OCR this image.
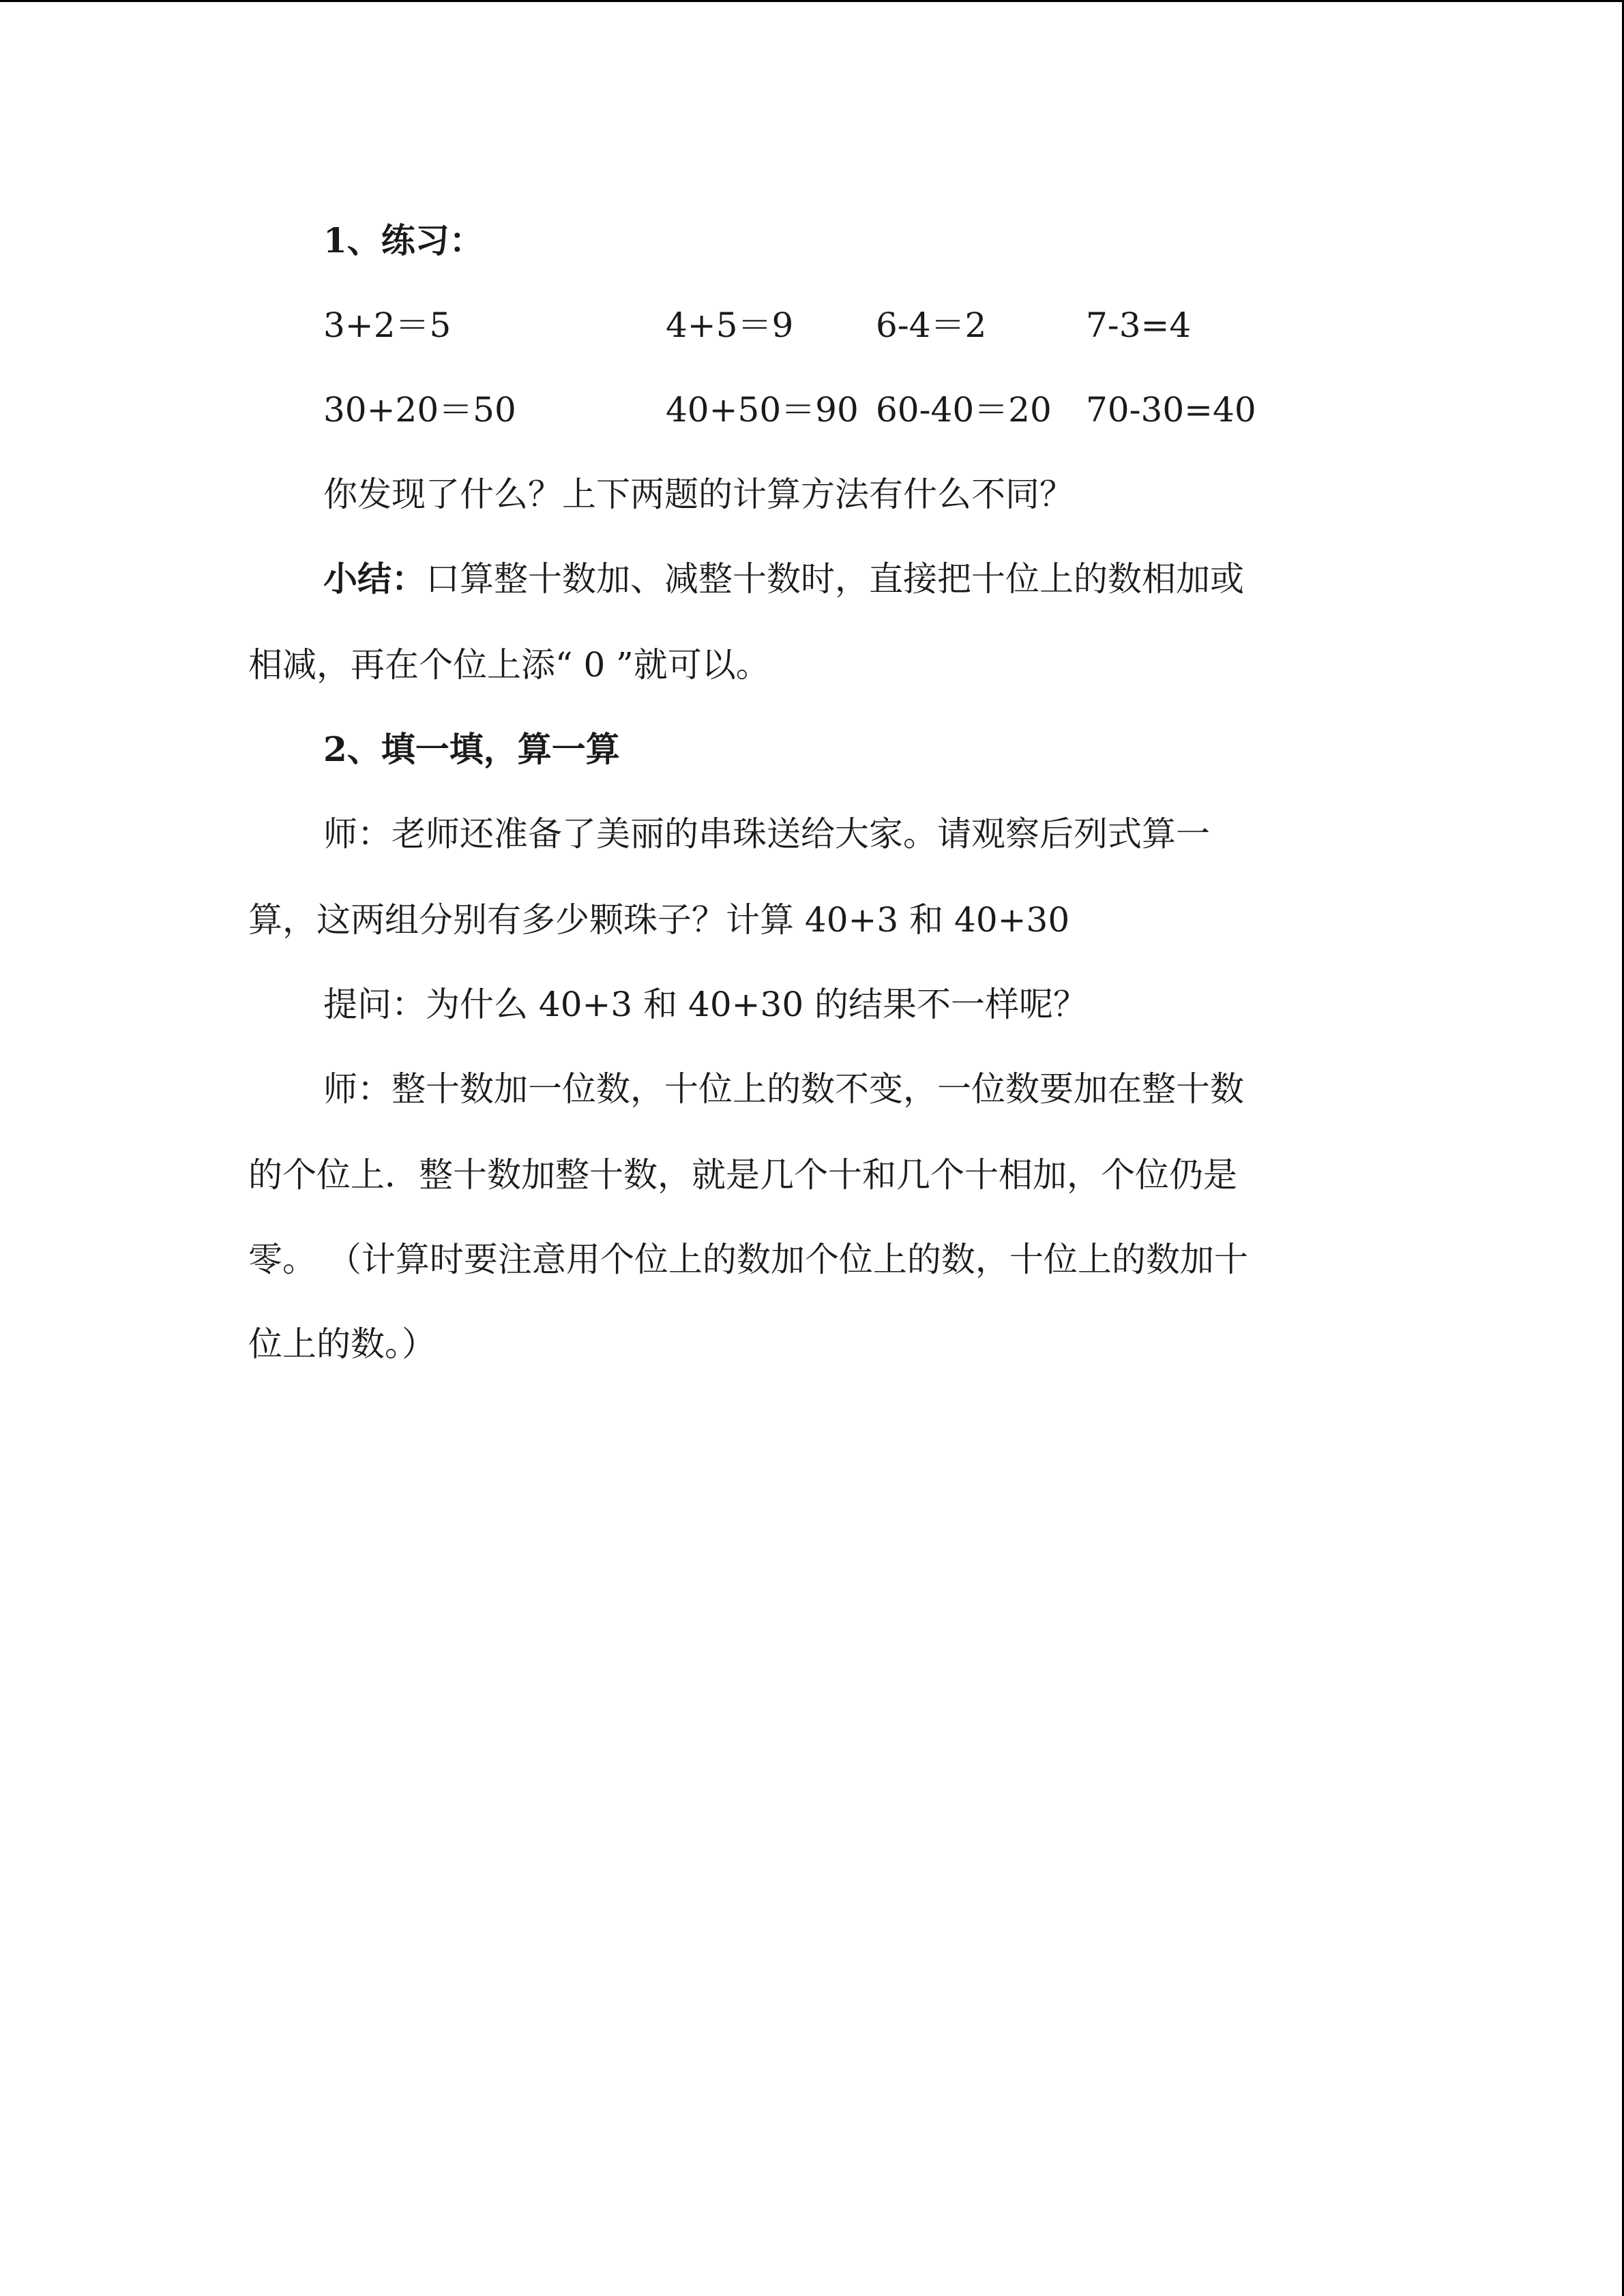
1、练习：
3+2＝5	4+5＝9 6-4＝2	7-3=4
30+20＝50	40+50＝90 60-40＝20 70-30=40
你发现了什么？上下两题的计算方法有什么不同？
小结：口算整十数加、减整十数时，直接把十位上的数相加或
相减，再在个位上添“ 0 ”就可以。
2、填一填，算一算
师：老师还准备了美丽的串珠送给大家。请观察后列式算一
算，这两组分别有多少颗珠子？计算 40+3 和 40+30
提问：为什么 40+3 和 40+30 的结果不一样呢？
师：整十数加一位数，十位上的数不变，一位数要加在整十数
的个位上．整十数加整十数，就是几个十和几个十相加，个位仍是
零。 （计算时要注意用个位上的数加个位上的数，十位上的数加十
位上的数。）
